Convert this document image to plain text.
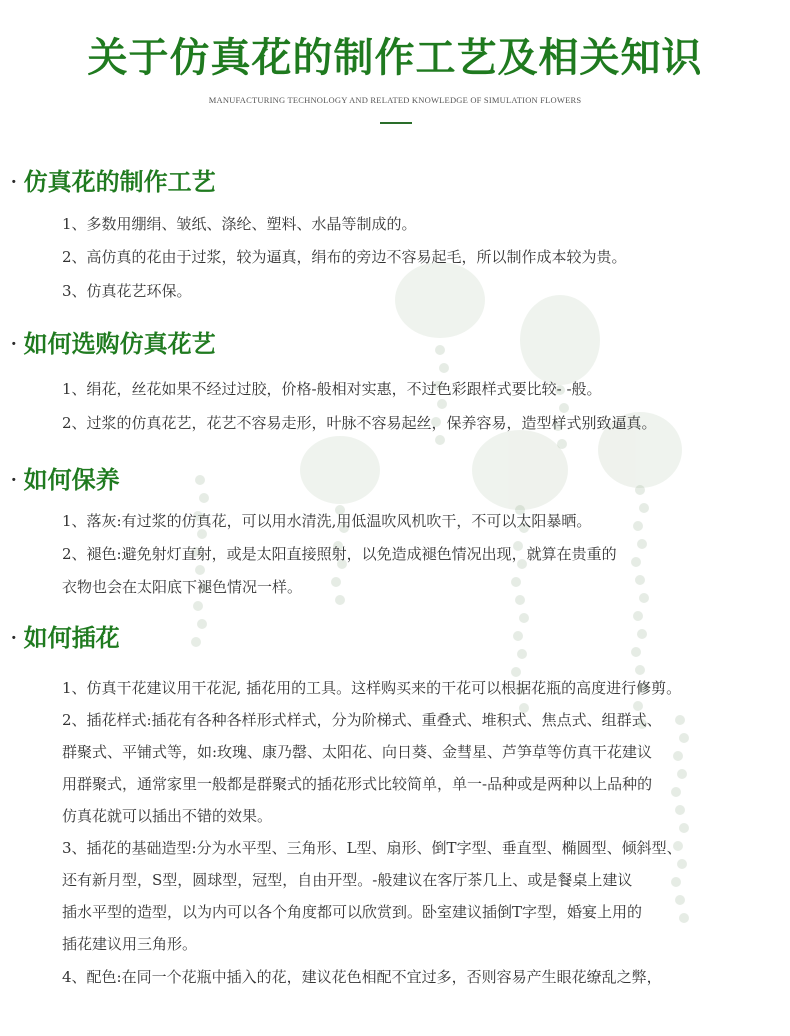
关于仿真花的制作工艺及相关知识
MANUFACTURING TECHNOLOGY AND RELATED KNOWLEDGE OF SIMULATION FLOWERS
· 仿真花的制作工艺
1、多数用绷绢、皱纸、涤纶、塑料、水晶等制成的。
2、高仿真的花由于过浆，较为逼真，绢布的旁边不容易起毛，所以制作成本较为贵。
3、仿真花艺环保。
· 如何选购仿真花艺
1、绢花，丝花如果不经过过胶，价格-般相对实惠，不过色彩跟样式要比较- -般。
2、过浆的仿真花艺，花艺不容易走形，叶脉不容易起丝，保养容易，造型样式别致逼真。
· 如何保养
1、落灰:有过浆的仿真花，可以用水清洗,用低温吹风机吹干，不可以太阳暴晒。
2、褪色:避免射灯直射，或是太阳直接照射，以免造成褪色情况出现，就算在贵重的
衣物也会在太阳底下褪色情况一样。
· 如何插花
1、仿真干花建议用干花泥, 插花用的工具。这样购买来的干花可以根据花瓶的高度进行修剪。
2、插花样式:插花有各种各样形式样式，分为阶梯式、重叠式、堆积式、焦点式、组群式、
群聚式、平铺式等，如:玫瑰、康乃罄、太阳花、向日葵、金彗星、芦笋草等仿真干花建议
用群聚式，通常家里一般都是群聚式的插花形式比较简单，单一-品种或是两种以上品种的
仿真花就可以插出不错的效果。
3、插花的基础造型:分为水平型、三角形、L型、扇形、倒T字型、垂直型、椭圆型、倾斜型、
还有新月型，S型，圆球型，冠型，自由开型。-般建议在客厅茶几上、或是餐桌上建议
插水平型的造型，以为内可以各个角度都可以欣赏到。卧室建议插倒T字型，婚宴上用的
插花建议用三角形。
4、配色:在同一个花瓶中插入的花，建议花色相配不宜过多，否则容易产生眼花缭乱之弊，
